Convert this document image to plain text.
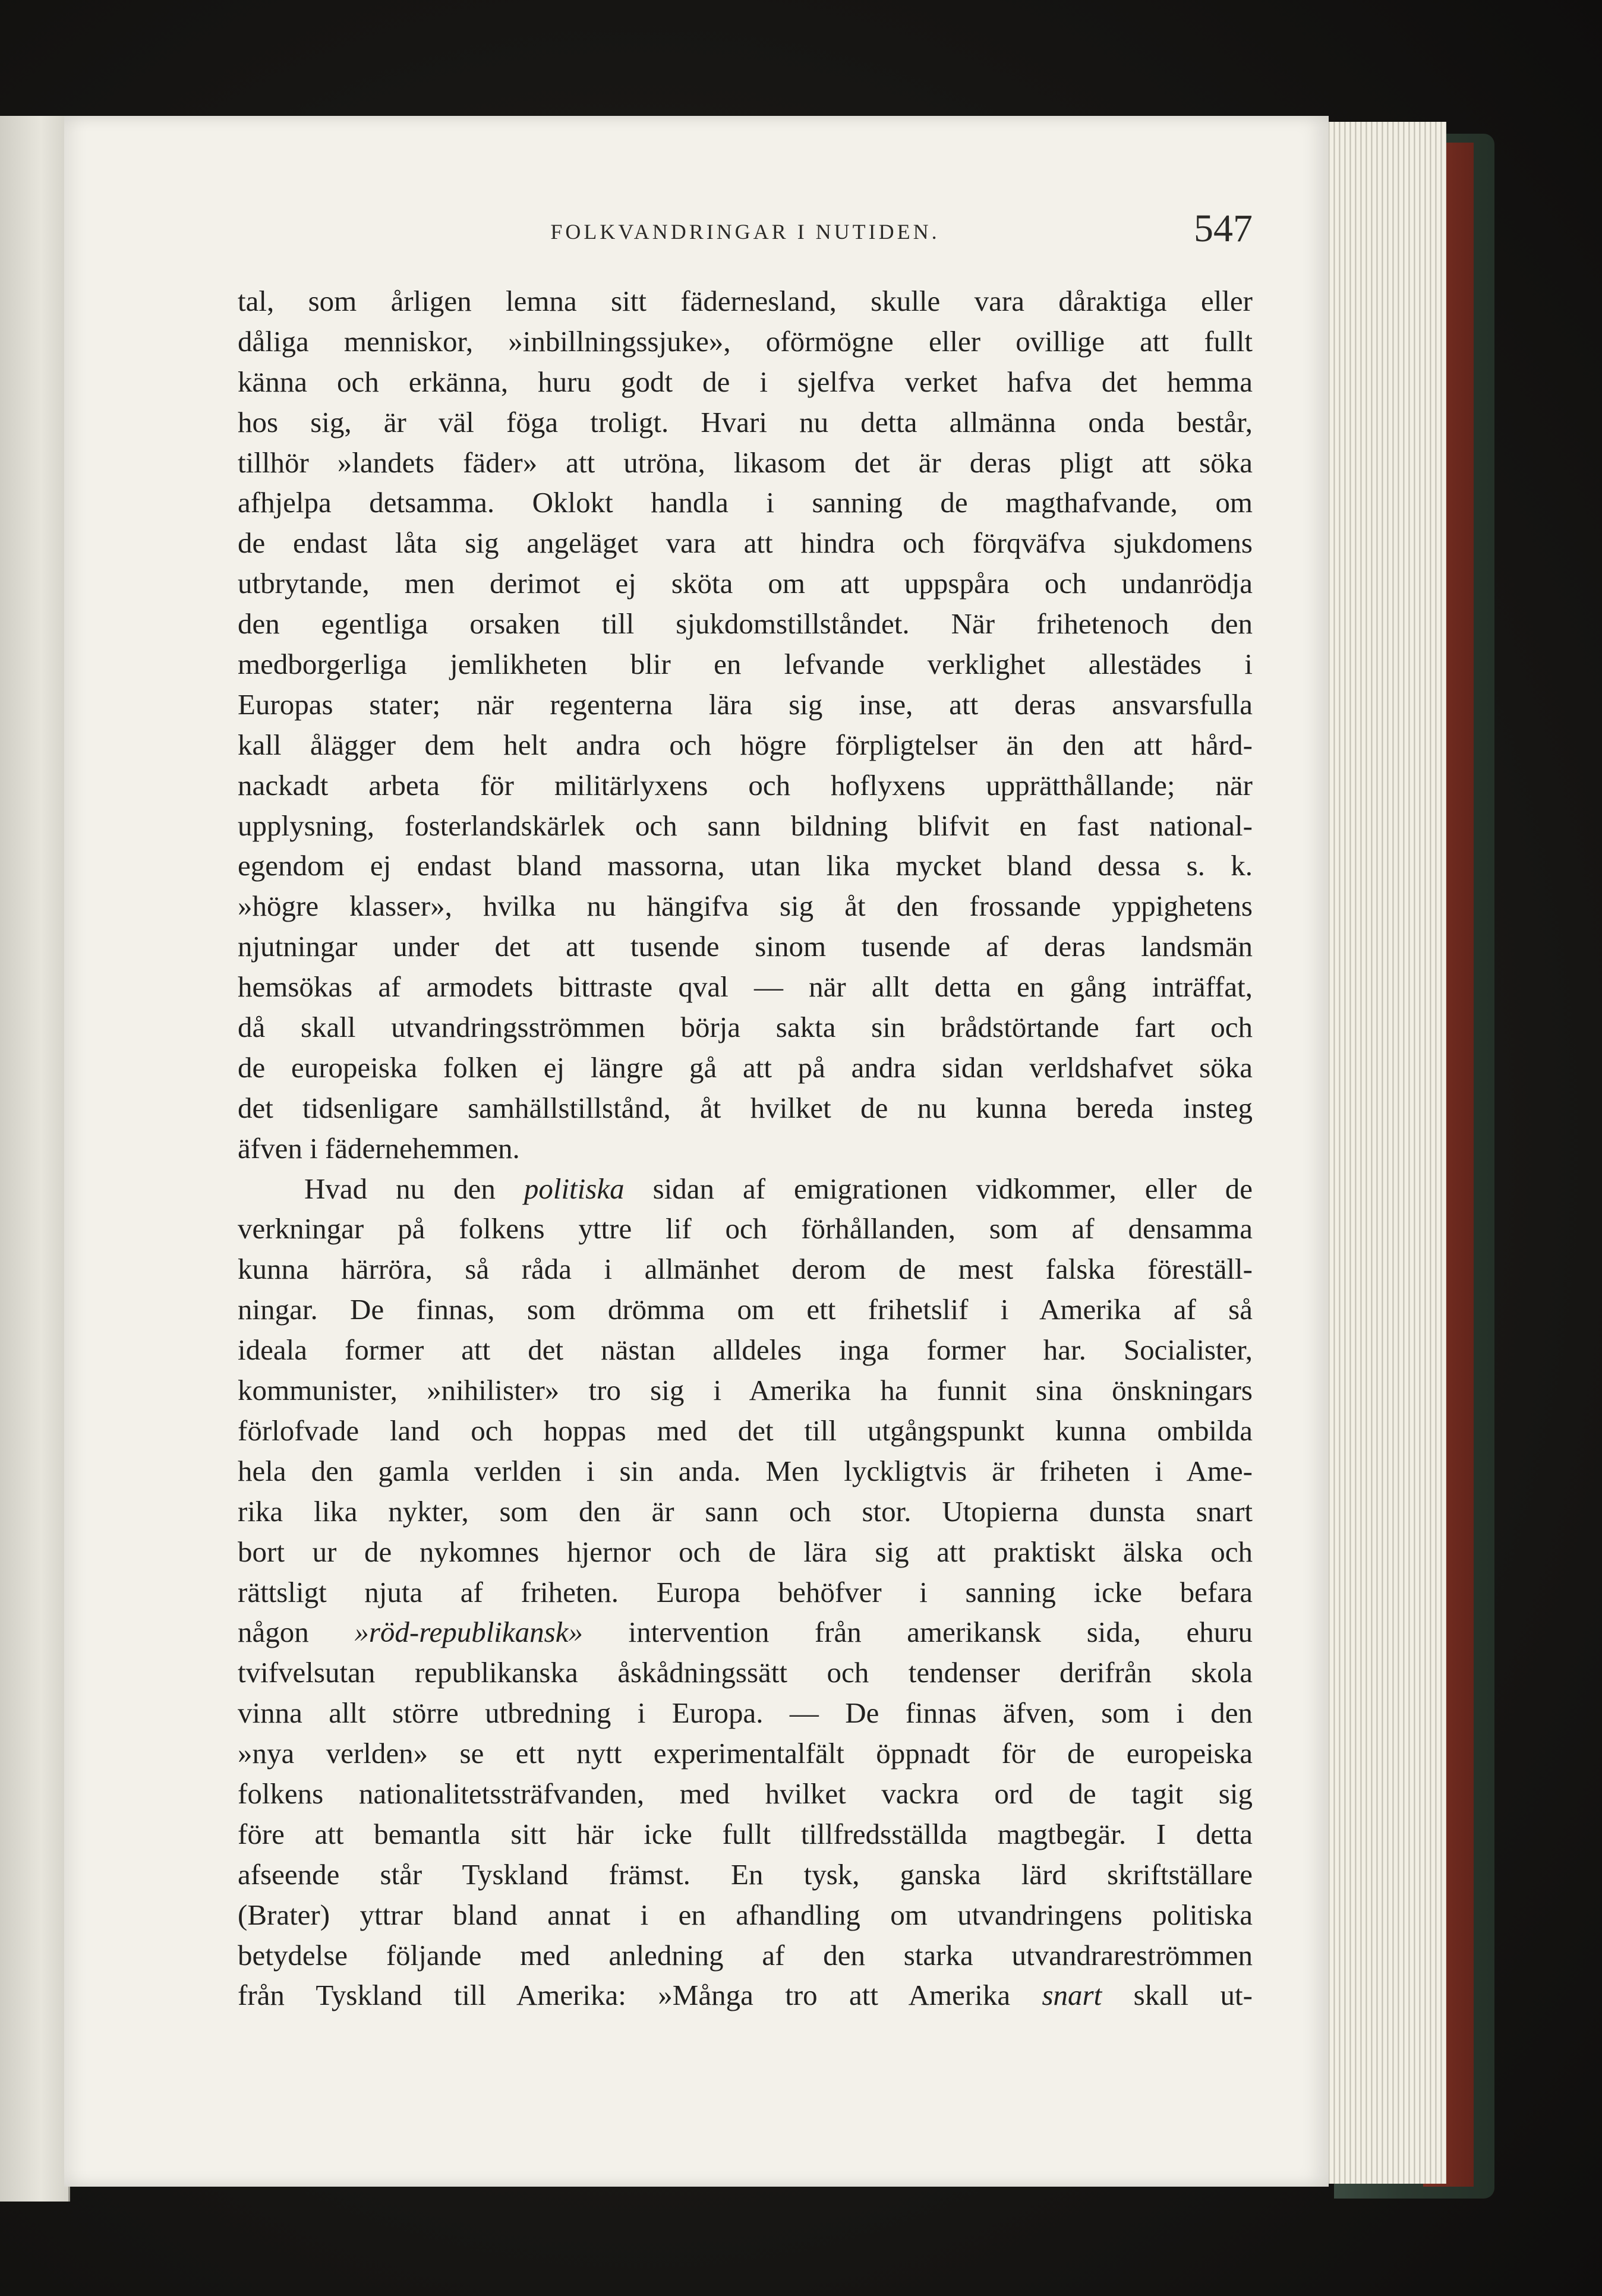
FOLKVANDRINGAR I NUTIDEN.	547
tal, som årligen lemna sitt fäderneslаnd, skulle vara dåraktiga eller
dåliga menniskor, »inbillningssjuke», oförmögne eller ovillige att fullt
känna och erkänna, huru godt de i sjelfva verket hafva det hemma
hos sig, är väl föga troligt. Hvari nu detta allmänna onda består,
tillhör »landets fäder» att utröna, likasom det är deras pligt att söka
afhjelpa detsamma. Oklokt handla i sanning de magthafvande, om
de endast låta sig angeläget vara att hindra och förqväfva sjukdomens
utbrytande, men derimot ej sköta om att uppspåra och undanrödja
den egentliga orsaken till sjukdomstillståndet. När frihetenoch den
medborgerliga jemlikheten blir en lefvande verklighet allestädes i
Europas stater; när regenterna lära sig inse, att deras ansvarsfulla
kall ålägger dem helt andra och högre förpligtelser än den att hård-
nackadt arbeta för militärlyxens och hoflyxens upprätthållande; när
upplysning, fosterlandskärlek och sann bildning blifvit en fast national-
egendom ej endast bland massorna, utan lika mycket bland dessa s. k.
»högre klasser», hvilka nu hängifva sig åt den frossande yppighetens
njutningar under det att tusende sinom tusende af deras landsmän
hemsökas af armodets bittraste qval — när allt detta en gång inträffat,
då skall utvandringsströmmen börja sakta sin brådstörtande fart och
de europeiska folken ej längre gå att på andra sidan verldshafvet söka
det tidsenligare samhällstillstånd, åt hvilket de nu kunna bereda insteg
äfven i fädernehemmen.
Hvad nu den politiska sidan af emigrationen vidkommer, eller de
verkningar på folkens yttre lif och förhållanden, som af densamma
kunna härröra, så råda i allmänhet derom de mest falska föreställ-
ningar. De finnas, som drömma om ett frihetslif i Amerika af så
ideala former att det nästan alldeles inga former har. Socialister,
kommunister, »nihilister» tro sig i Amerika ha funnit sina önskningars
förlofvade land och hoppas med det till utgångspunkt kunna ombilda
hela den gamla verlden i sin anda. Men lyckligtvis är friheten i Ame-
rika lika nykter, som den är sann och stor. Utopierna dunsta snart
bort ur de nykomnes hjernor och de lära sig att praktiskt älska och
rättsligt njuta af friheten. Europa behöfver i sanning icke befara
någon »röd-republikansk» intervention från amerikansk sida, ehuru
tvifvelsutan republikanska åskådningssätt och tendenser derifrån skola
vinna allt större utbredning i Europa. — De finnas äfven, som i den
»nya verlden» se ett nytt experimentalfält öppnadt för de europeiska
folkens nationalitetssträfvanden, med hvilket vackra ord de tagit sig
före att bemantla sitt här icke fullt tillfredsställda magtbegär. I detta
afseende står Tyskland främst. En tysk, ganska lärd skriftställare
(Brater) yttrar bland annat i en afhandling om utvandringens politiska
betydelse följande med anledning af den starka utvandrareströmmen
från Tyskland till Amerika: »Många tro att Amerika snart skall ut-
